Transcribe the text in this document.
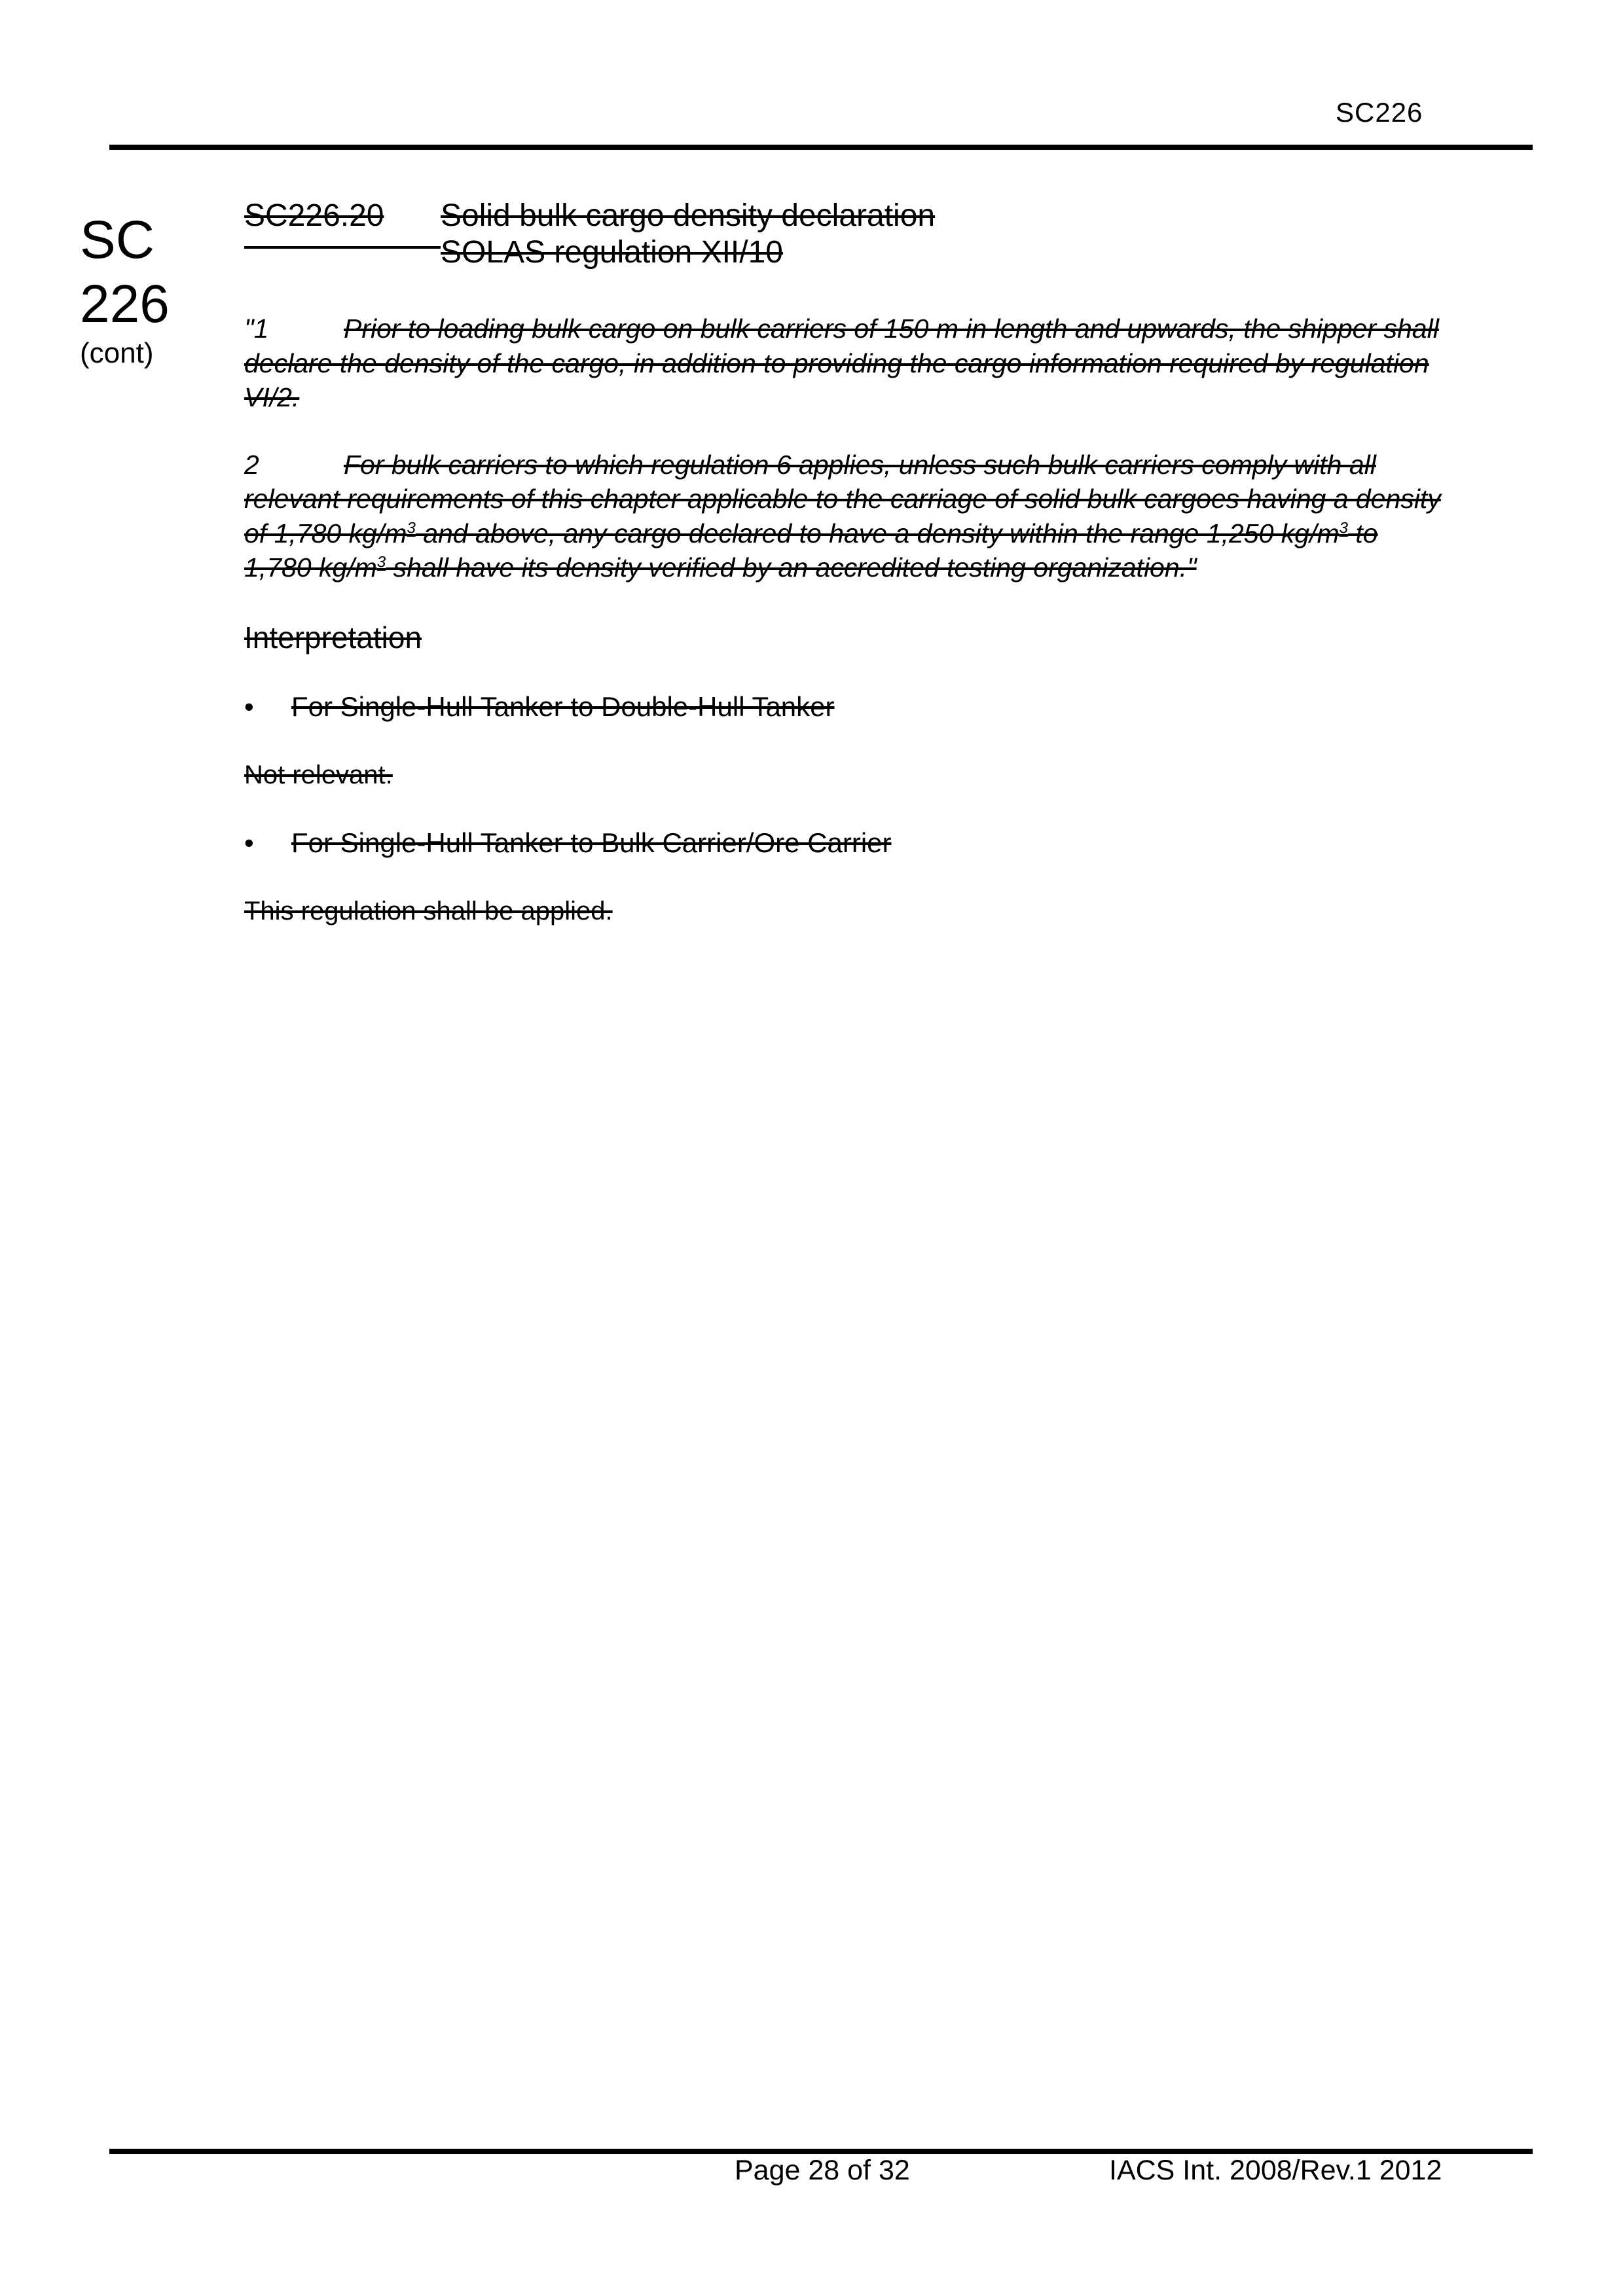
SC226
SC
226
(cont)
SC226.20 Solid bulk cargo density declaration
SOLAS regulation XII/10

"1	Prior to loading bulk cargo on bulk carriers of 150 m in length and upwards, the shipper shall declare the density of the cargo, in addition to providing the cargo information required by regulation VI/2.

2	For bulk carriers to which regulation 6 applies, unless such bulk carriers comply with all relevant requirements of this chapter applicable to the carriage of solid bulk cargoes having a density of 1,780 $kg/m^3$ and above, any cargo declared to have a density within the range 1,250 $kg/m^3$ to 1,780 $kg/m^3$ shall have its density verified by an accredited testing organization."

Interpretation
• For Single-Hull Tanker to Double-Hull Tanker
Not relevant.
• For Single-Hull Tanker to Bulk Carrier/Ore Carrier
This regulation shall be applied.
Page 28 of 32	IACS Int. 2008/Rev.1 2012
